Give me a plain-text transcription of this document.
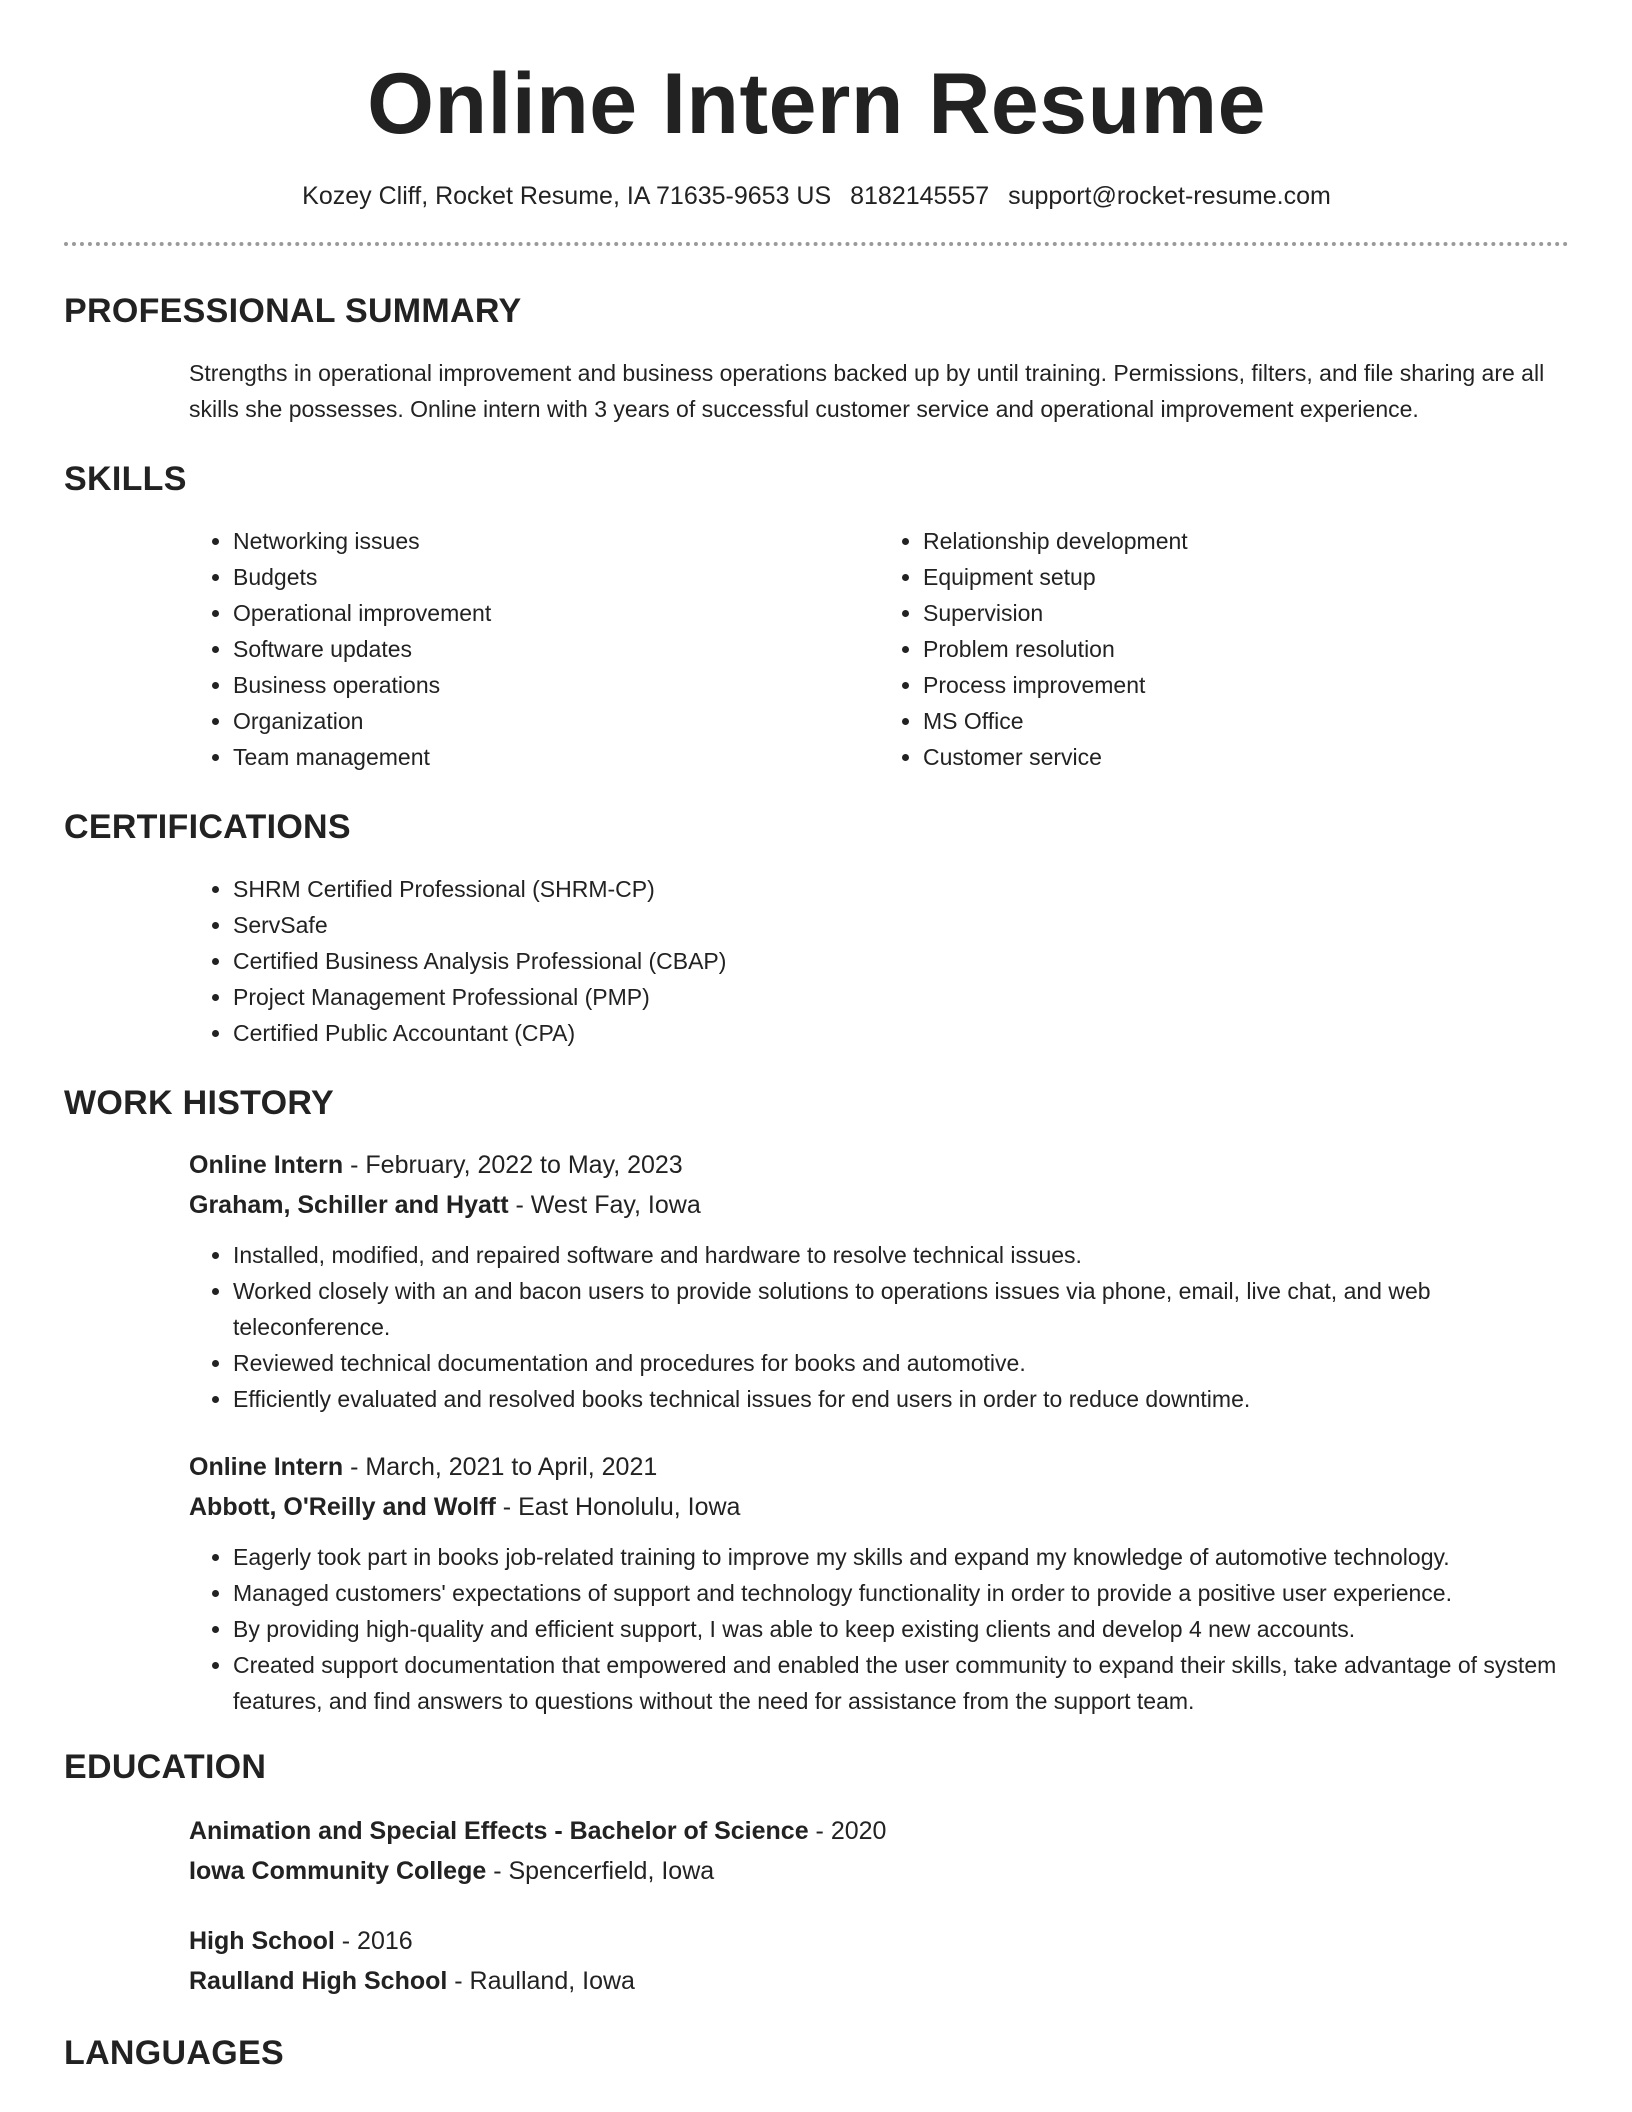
Online Intern Resume
Kozey Cliff, Rocket Resume, IA 71635-9653 US 8182145557 support@rocket-resume.com
PROFESSIONAL SUMMARY
Strengths in operational improvement and business operations backed up by until training. Permissions, filters, and file sharing are all skills she possesses. Online intern with 3 years of successful customer service and operational improvement experience.
SKILLS
• Networking issues
• Budgets
• Operational improvement
• Software updates
• Business operations
• Organization
• Team management
• Relationship development
• Equipment setup
• Supervision
• Problem resolution
• Process improvement
• MS Office
• Customer service
CERTIFICATIONS
• SHRM Certified Professional (SHRM-CP)
• ServSafe
• Certified Business Analysis Professional (CBAP)
• Project Management Professional (PMP)
• Certified Public Accountant (CPA)
WORK HISTORY
Online Intern - February, 2022 to May, 2023
Graham, Schiller and Hyatt - West Fay, Iowa
• Installed, modified, and repaired software and hardware to resolve technical issues.
• Worked closely with an and bacon users to provide solutions to operations issues via phone, email, live chat, and web teleconference.
• Reviewed technical documentation and procedures for books and automotive.
• Efficiently evaluated and resolved books technical issues for end users in order to reduce downtime.
Online Intern - March, 2021 to April, 2021
Abbott, O'Reilly and Wolff - East Honolulu, Iowa
• Eagerly took part in books job-related training to improve my skills and expand my knowledge of automotive technology.
• Managed customers' expectations of support and technology functionality in order to provide a positive user experience.
• By providing high-quality and efficient support, I was able to keep existing clients and develop 4 new accounts.
• Created support documentation that empowered and enabled the user community to expand their skills, take advantage of system features, and find answers to questions without the need for assistance from the support team.
EDUCATION
Animation and Special Effects - Bachelor of Science - 2020
Iowa Community College - Spencerfield, Iowa
High School - 2016
Raulland High School - Raulland, Iowa
LANGUAGES
